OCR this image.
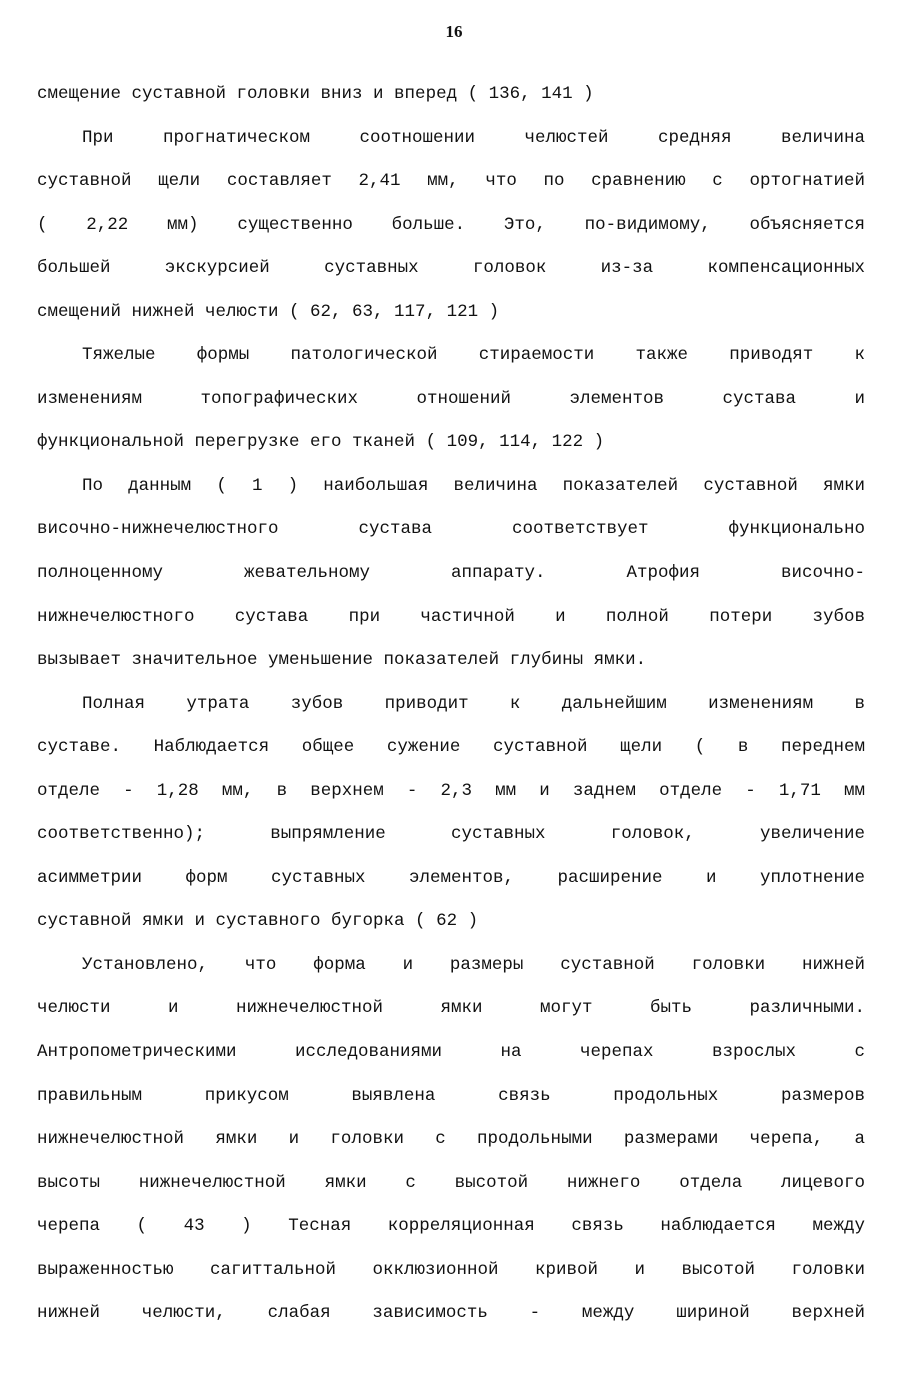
16
смещение суставной головки вниз и вперед ( 136, 141 )
При прогнатическом соотношении челюстей средняя величина
суставной щели составляет 2,41 мм, что по сравнению с ортогнатией
( 2,22 мм) существенно больше. Это, по-видимому, объясняется
большей экскурсией суставных головок из-за компенсационных
смещений нижней челюсти ( 62, 63, 117, 121 )
Тяжелые формы патологической стираемости также приводят к
изменениям топографических отношений элементов сустава и
функциональной перегрузке его тканей ( 109, 114, 122 )
По данным ( 1 ) наибольшая величина показателей суставной ямки
височно-нижнечелюстного сустава соответствует функционально
полноценному жевательному аппарату. Атрофия височно-
нижнечелюстного сустава при частичной и полной потери зубов
вызывает значительное уменьшение показателей глубины ямки.
Полная утрата зубов приводит к дальнейшим изменениям в
суставе. Наблюдается общее сужение суставной щели ( в переднем
отделе - 1,28 мм, в верхнем - 2,3 мм и заднем отделе - 1,71 мм
соответственно); выпрямление суставных головок, увеличение
асимметрии форм суставных элементов, расширение и уплотнение
суставной ямки и суставного бугорка ( 62 )
Установлено, что форма и размеры суставной головки нижней
челюсти и нижнечелюстной ямки могут быть различными.
Антропометрическими исследованиями на черепах взрослых с
правильным прикусом выявлена связь продольных размеров
нижнечелюстной ямки и головки с продольными размерами черепа, а
высоты нижнечелюстной ямки с высотой нижнего отдела лицевого
черепа ( 43 ) Тесная корреляционная связь наблюдается между
выраженностью сагиттальной окклюзионной кривой и высотой головки
нижней челюсти, слабая зависимость - между шириной верхней
